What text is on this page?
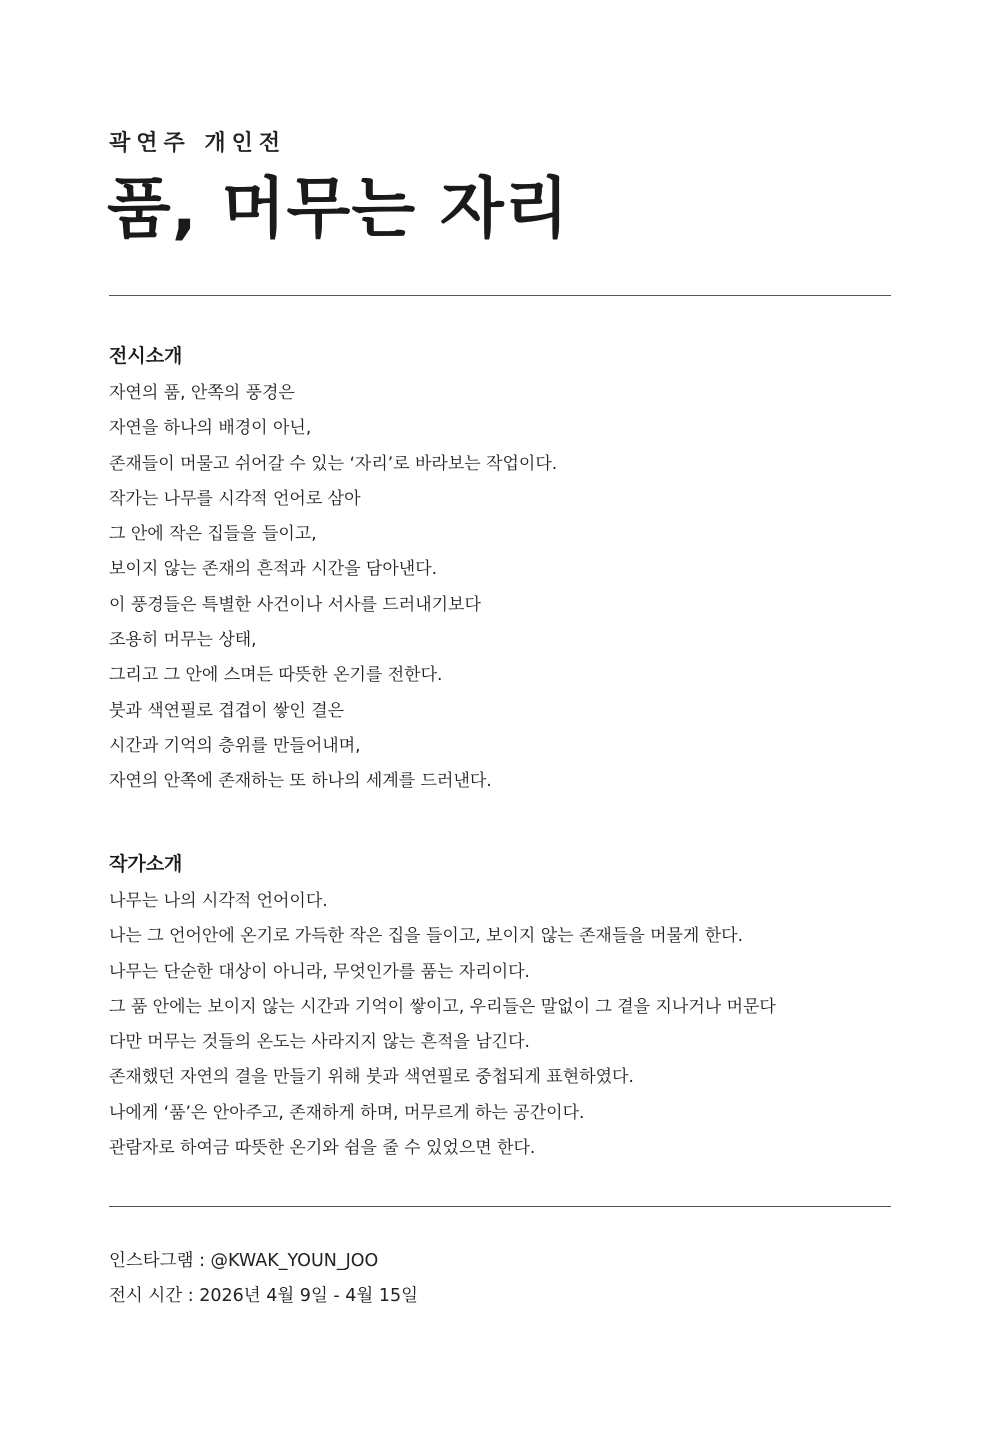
곽연주 개인전
품, 머무는 자리
전시소개
자연의 품, 안쪽의 풍경은
자연을 하나의 배경이 아닌,
존재들이 머물고 쉬어갈 수 있는 ‘자리’로 바라보는 작업이다.
작가는 나무를 시각적 언어로 삼아
그 안에 작은 집들을 들이고,
보이지 않는 존재의 흔적과 시간을 담아낸다.
이 풍경들은 특별한 사건이나 서사를 드러내기보다
조용히 머무는 상태,
그리고 그 안에 스며든 따뜻한 온기를 전한다.
붓과 색연필로 겹겹이 쌓인 결은
시간과 기억의 층위를 만들어내며,
자연의 안쪽에 존재하는 또 하나의 세계를 드러낸다.
작가소개
나무는 나의 시각적 언어이다.
나는 그 언어안에 온기로 가득한 작은 집을 들이고, 보이지 않는 존재들을 머물게 한다.
나무는 단순한 대상이 아니라, 무엇인가를 품는 자리이다.
그 품 안에는 보이지 않는 시간과 기억이 쌓이고, 우리들은 말없이 그 곁을 지나거나 머문다
다만 머무는 것들의 온도는 사라지지 않는 흔적을 남긴다.
존재했던 자연의 결을 만들기 위해 붓과 색연필로 중첩되게 표현하였다.
나에게 ‘품’은 안아주고, 존재하게 하며, 머무르게 하는 공간이다.
관람자로 하여금 따뜻한 온기와 쉼을 줄 수 있었으면 한다.
인스타그램 : @KWAK_YOUN_JOO
전시 시간 : 2026년 4월 9일 - 4월 15일
